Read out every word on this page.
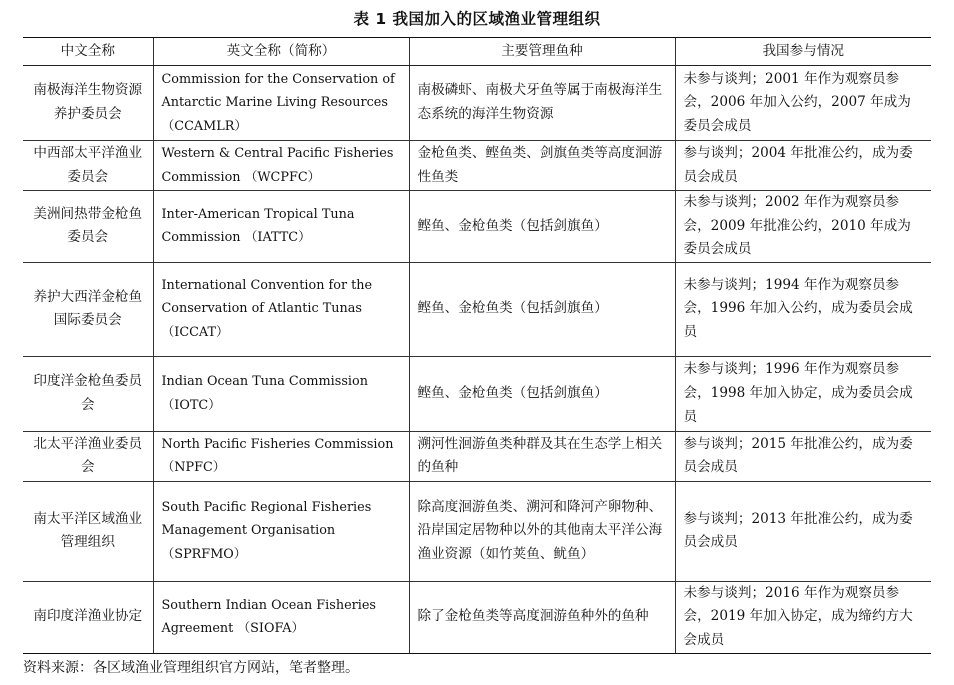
表 1 我国加入的区域渔业管理组织
中文全称	英文全称（简称）	主要管理鱼种	我国参与情况
南极海洋生物资源养护委员会	Commission for the Conservation of Antarctic Marine Living Resources （CCAMLR）	南极磷虾、南极犬牙鱼等属于南极海洋生态系统的海洋生物资源	未参与谈判；2001 年作为观察员参会，2006 年加入公约，2007 年成为委员会成员
中西部太平洋渔业委员会	Western & Central Pacific Fisheries Commission （WCPFC）	金枪鱼类、鲣鱼类、剑旗鱼类等高度洄游性鱼类	参与谈判；2004 年批准公约，成为委员会成员
美洲间热带金枪鱼委员会	Inter-American Tropical Tuna Commission （IATTC）	鲣鱼、金枪鱼类（包括剑旗鱼）	未参与谈判；2002 年作为观察员参会，2009 年批准公约，2010 年成为委员会成员
养护大西洋金枪鱼国际委员会	International Convention for the Conservation of Atlantic Tunas （ICCAT）	鲣鱼、金枪鱼类（包括剑旗鱼）	未参与谈判；1994 年作为观察员参会，1996 年加入公约，成为委员会成员
印度洋金枪鱼委员会	Indian Ocean Tuna Commission （IOTC）	鲣鱼、金枪鱼类（包括剑旗鱼）	未参与谈判；1996 年作为观察员参会，1998 年加入协定，成为委员会成员
北太平洋渔业委员会	North Pacific Fisheries Commission （NPFC）	溯河性洄游鱼类种群及其在生态学上相关的鱼种	参与谈判；2015 年批准公约，成为委员会成员
南太平洋区域渔业管理组织	South Pacific Regional Fisheries Management Organisation （SPRFMO）	除高度洄游鱼类、溯河和降河产卵物种、沿岸国定居物种以外的其他南太平洋公海渔业资源（如竹荚鱼、鱿鱼）	参与谈判；2013 年批准公约，成为委员会成员
南印度洋渔业协定	Southern Indian Ocean Fisheries Agreement （SIOFA）	除了金枪鱼类等高度洄游鱼种外的鱼种	未参与谈判；2016 年作为观察员参会，2019 年加入协定，成为缔约方大会成员
资料来源：各区域渔业管理组织官方网站，笔者整理。
